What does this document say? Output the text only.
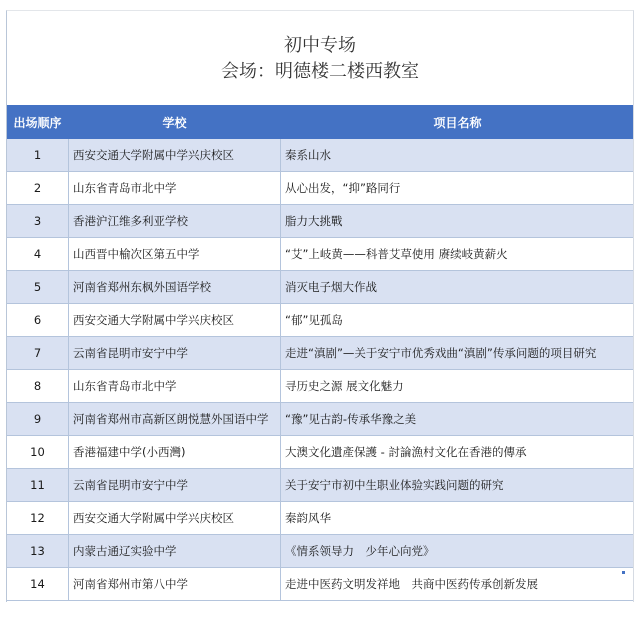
初中专场
会场：明德楼二楼西教室
出场顺序	学校	项目名称
1	西安交通大学附属中学兴庆校区	秦系山水
2	山东省青岛市北中学	从心出发，“抑”路同行
3	香港沪江维多利亚学校	脂力大挑戰
4	山西晋中榆次区第五中学	“艾”上岐黄——科普艾草使用 赓续岐黄薪火
5	河南省郑州东枫外国语学校	消灭电子烟大作战
6	西安交通大学附属中学兴庆校区	“郁”见孤岛
7	云南省昆明市安宁中学	走进“滇剧”—关于安宁市优秀戏曲“滇剧”传承问题的项目研究
8	山东省青岛市北中学	寻历史之源 展文化魅力
9	河南省郑州市高新区朗悦慧外国语中学	“豫”见古韵-传承华豫之美
10	香港福建中学(小西灣)	大澳文化遺產保護 - 討論漁村文化在香港的傳承
11	云南省昆明市安宁中学	关于安宁市初中生职业体验实践问题的研究
12	西安交通大学附属中学兴庆校区	秦韵风华
13	内蒙古通辽实验中学	《情系领导力　少年心向党》
14	河南省郑州市第八中学	走进中医药文明发祥地　共商中医药传承创新发展
